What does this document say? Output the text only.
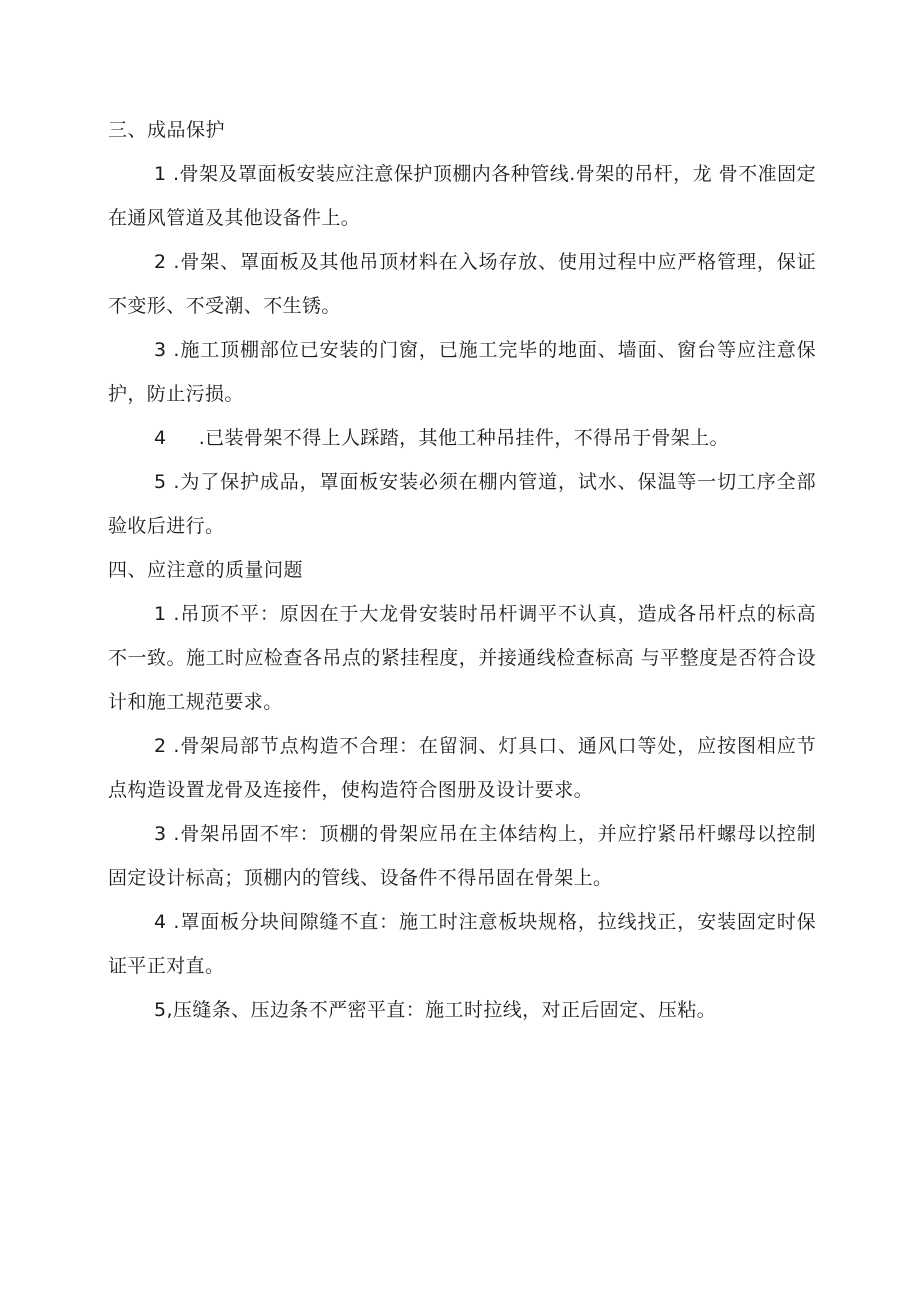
三、成品保护

1 .骨架及罩面板安装应注意保护顶棚内各种管线.骨架的吊杆，龙 骨不准固定在通风管道及其他设备件上。

2 .骨架、罩面板及其他吊顶材料在入场存放、使用过程中应严格管理，保证不变形、不受潮、不生锈。

3 .施工顶棚部位已安装的门窗，已施工完毕的地面、墙面、窗台等应注意保护，防止污损。

4     .已装骨架不得上人踩踏，其他工种吊挂件，不得吊于骨架上。

5 .为了保护成品，罩面板安装必须在棚内管道，试水、保温等一切工序全部验收后进行。

四、应注意的质量问题

1 .吊顶不平：原因在于大龙骨安装时吊杆调平不认真，造成各吊杆点的标高不一致。施工时应检查各吊点的紧挂程度，并接通线检查标高 与平整度是否符合设计和施工规范要求。

2 .骨架局部节点构造不合理：在留洞、灯具口、通风口等处，应按图相应节点构造设置龙骨及连接件，使构造符合图册及设计要求。

3 .骨架吊固不牢：顶棚的骨架应吊在主体结构上，并应拧紧吊杆螺母以控制固定设计标高；顶棚内的管线、设备件不得吊固在骨架上。

4 .罩面板分块间隙缝不直：施工时注意板块规格，拉线找正，安装固定时保证平正对直。

5,压缝条、压边条不严密平直：施工时拉线，对正后固定、压粘。
